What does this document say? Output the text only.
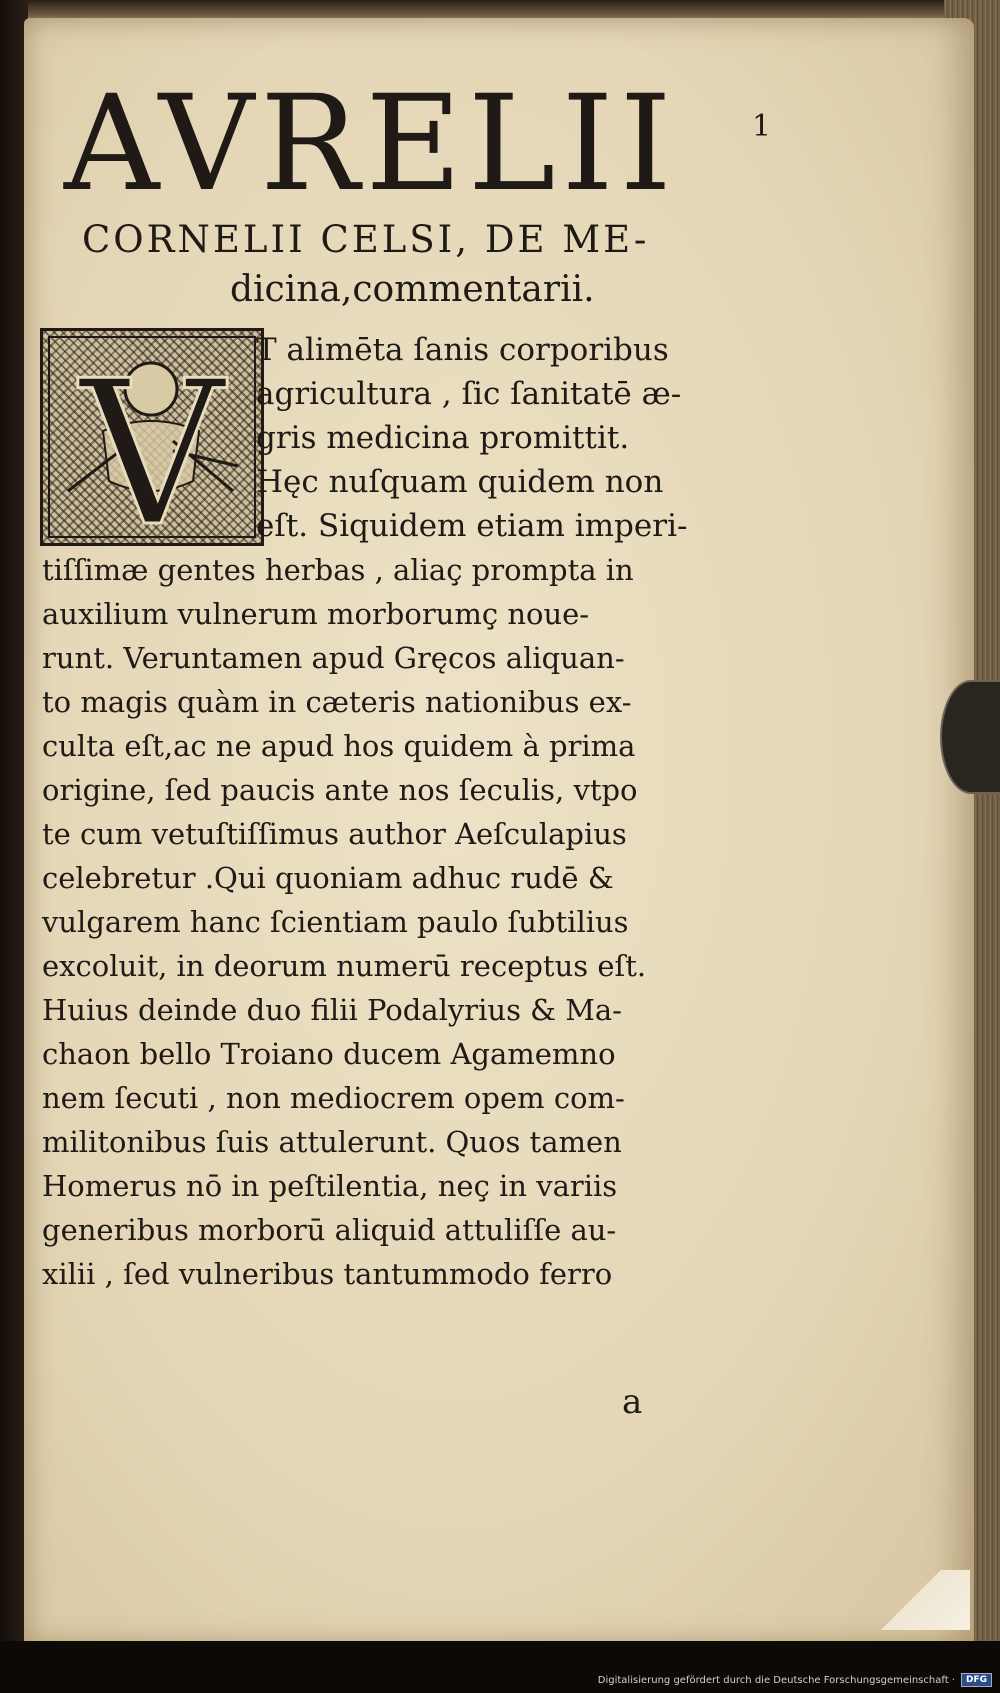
AVRELII 1

CORNELII CELSI, DE ME-

dicina,commentarii.

V T alimēta ſanis corporibus

agricultura , ſic ſanitatē æ-

gris medicina promittit.

Hęc nuſquam quidem non

eſt. Siquidem etiam imperi-

tiſſimæ gentes herbas , aliaç̧ prompta in

auxilium vulnerum morborumç̧ noue-

runt. Veruntamen apud Gręcos aliquan-

to magis quàm in cæteris nationibus ex-

culta eſt,ac ne apud hos quidem à prima

origine, ſed paucis ante nos ſeculis, vtpo

te cum vetuſtiſſimus author Aeſculapius

celebretur .Qui quoniam adhuc rudē &

vulgarem hanc ſcientiam paulo ſubtilius

excoluit, in deorum numerū receptus eſt.

Huius deinde duo filii Podalyrius & Ma-

chaon bello Troiano ducem Agamemno

nem ſecuti , non mediocrem opem com-

militonibus ſuis attulerunt. Quos tamen

Homerus nō in peſtilentia, neç̧ in variis

generibus morborū aliquid attuliſſe au-

xilii , ſed vulneribus tantummodo ferro

a
Digitalisierung gefördert durch die Deutsche Forschungsgemeinschaft ·	DFG
